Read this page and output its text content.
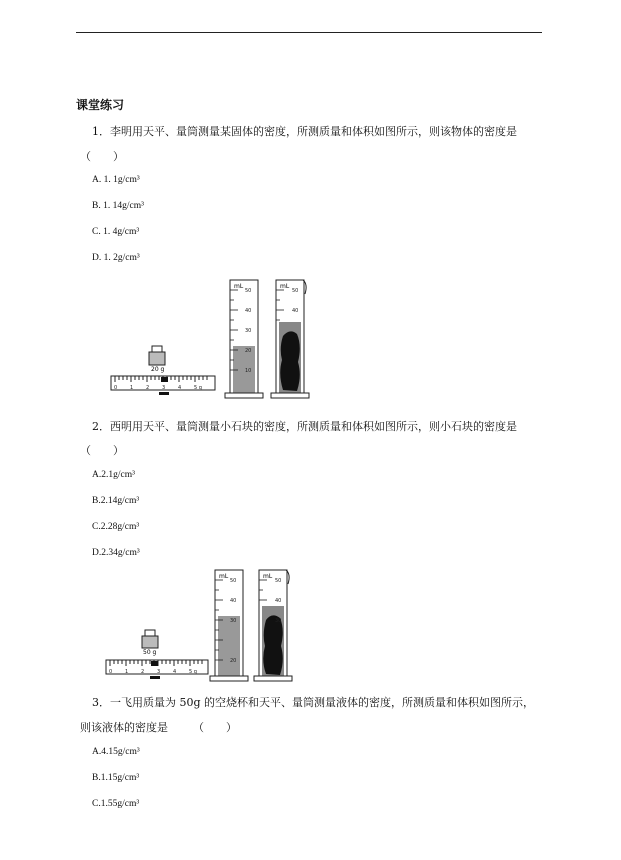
课堂练习
1．李明用天平、量筒测量某固体的密度，所测质量和体积如图所示，则该物体的密度是
（　　）
A. 1. 1g/cm³
B. 1. 14g/cm³
C. 1. 4g/cm³
D. 1. 2g/cm³
20 g
0	1	2	3	4	5 g
mL
50
40
30
20
10
mL
50
40
2．西明用天平、量筒测量小石块的密度，所测质量和体积如图所示，则小石块的密度是
（　　）
A.2.1g/cm³
B.2.14g/cm³
C.2.28g/cm³
D.2.34g/cm³
50 g
0	1	2	3	4	5 g
mL
50
40
30
20
mL
50
40
30
3．一飞用质量为 50g 的空烧杯和天平、量筒测量液体的密度，所测质量和体积如图所示，
则该液体的密度是 （　　）
A.4.15g/cm³
B.1.15g/cm³
C.1.55g/cm³
